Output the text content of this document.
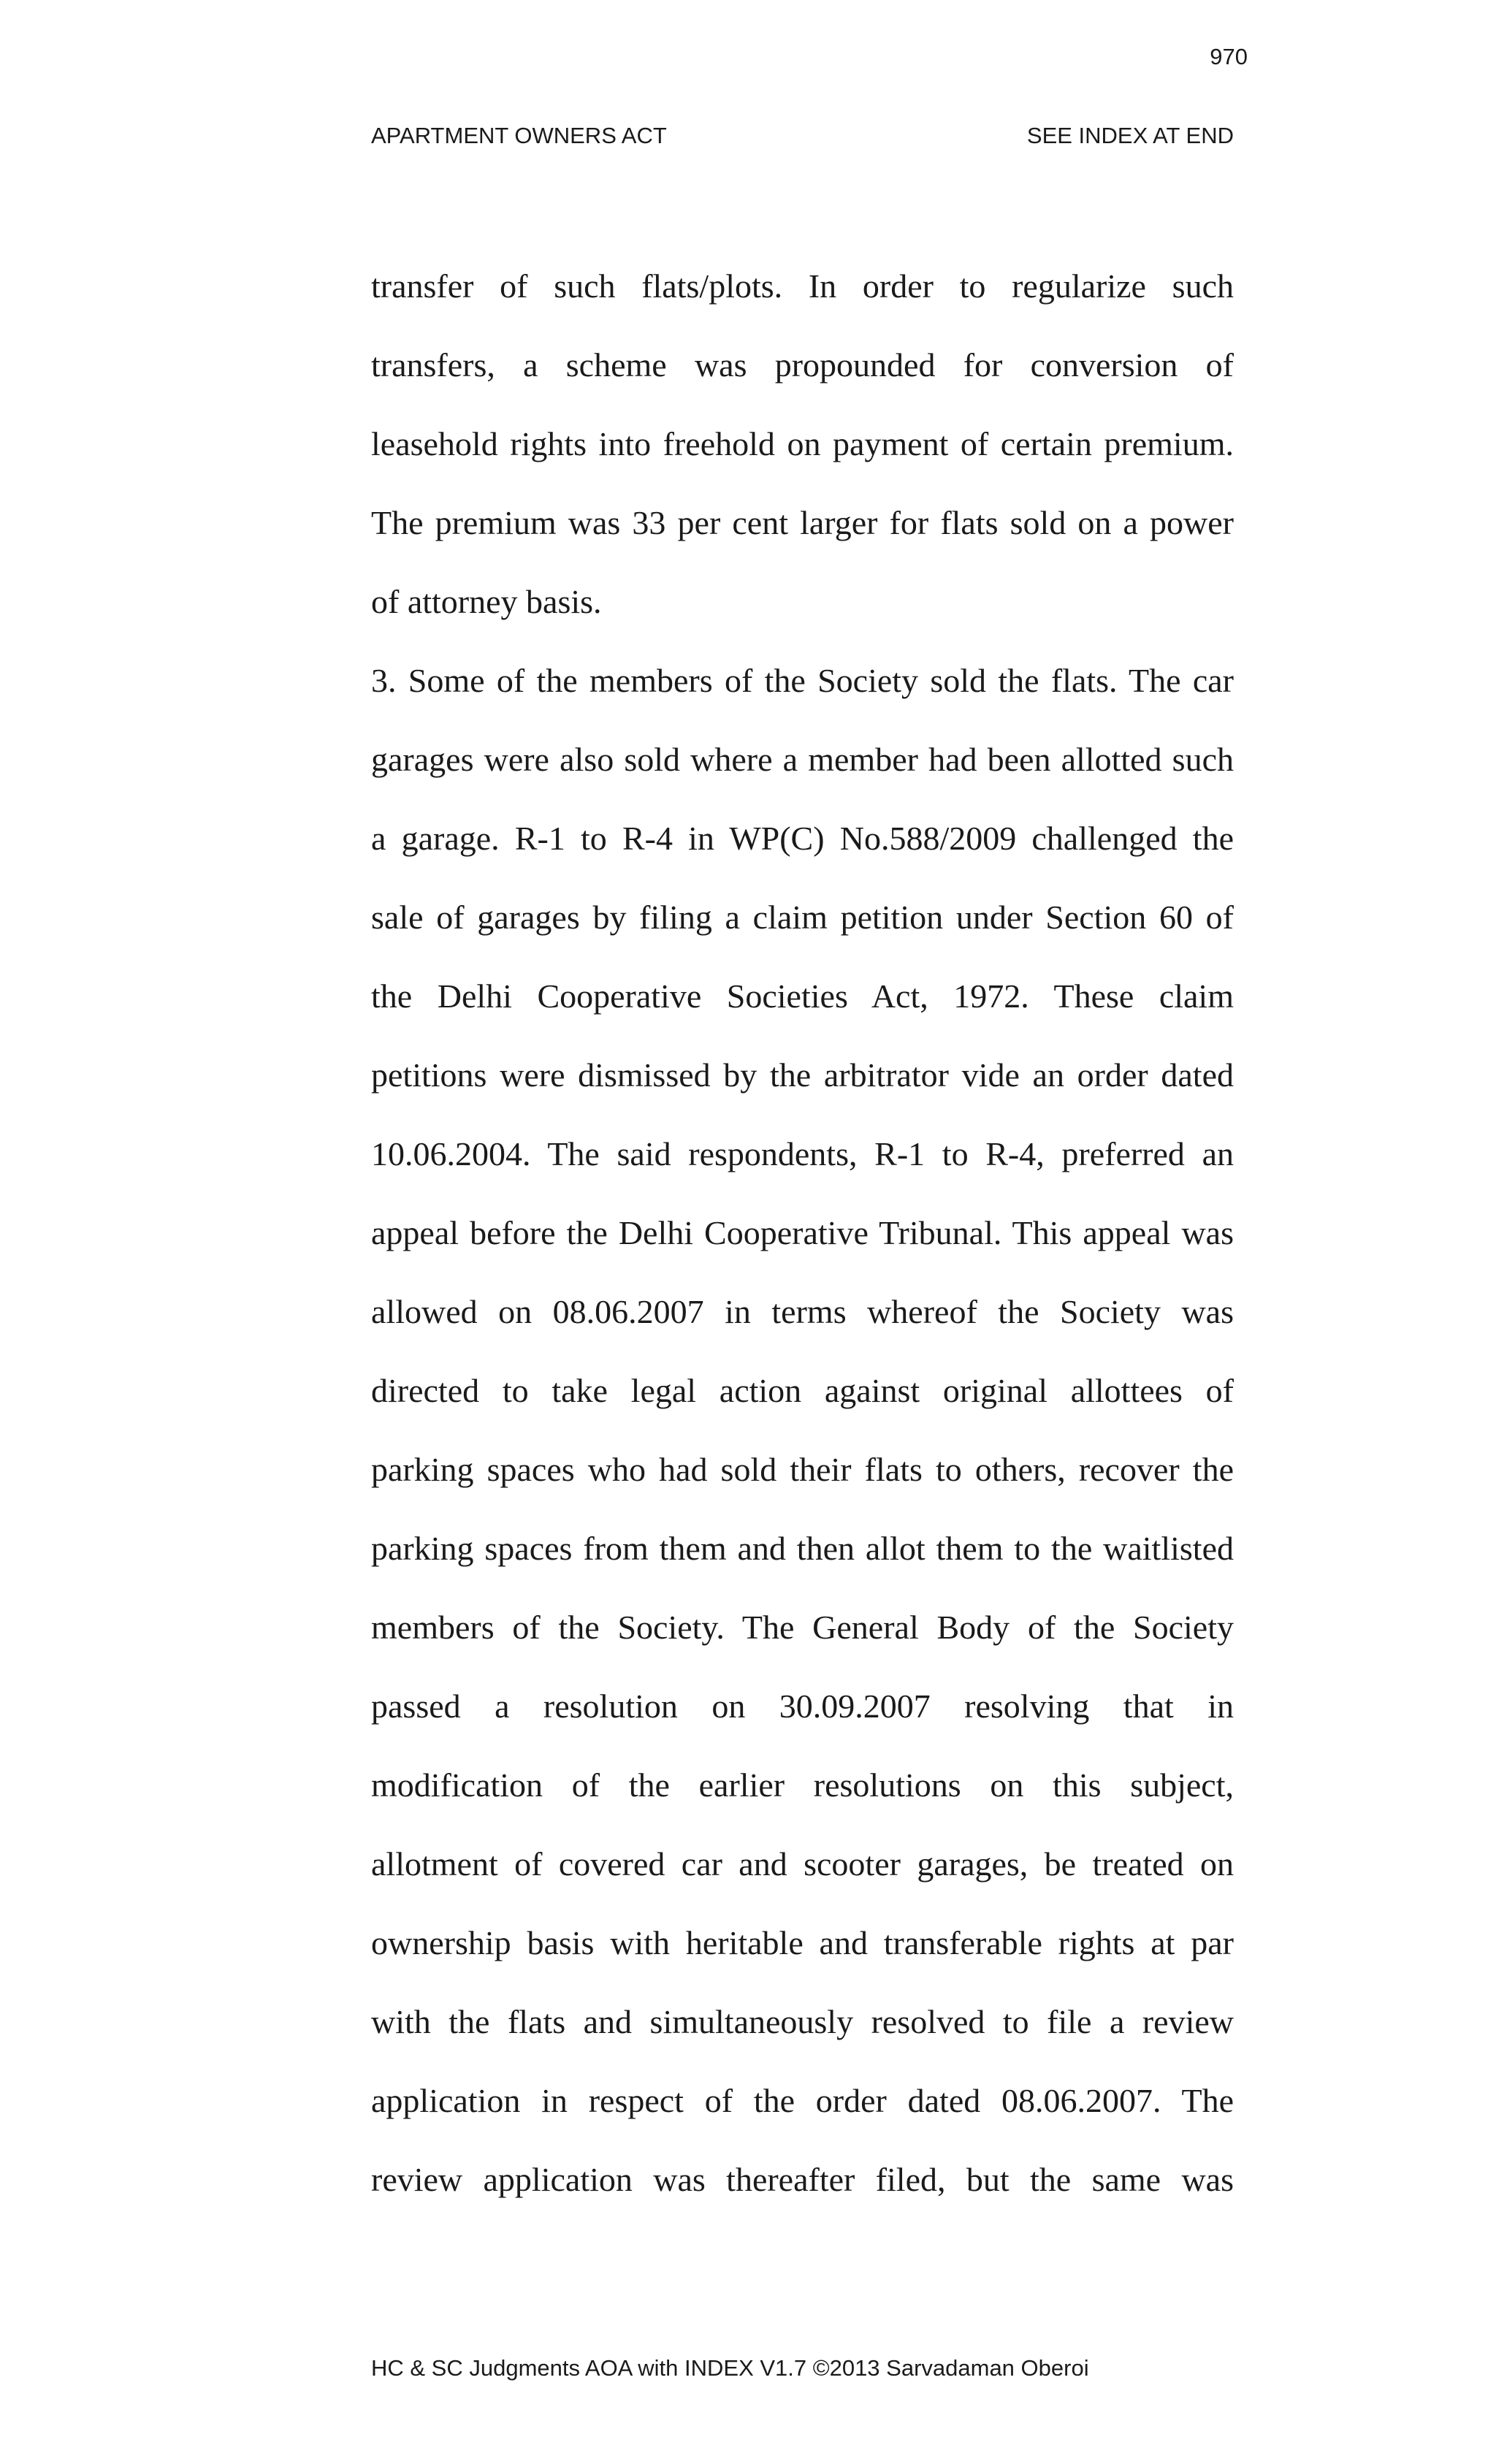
970
APARTMENT OWNERS ACT	SEE INDEX AT END
transfer of such flats/plots. In order to regularize such
transfers, a scheme was propounded for conversion of
leasehold rights into freehold on payment of certain premium.
The premium was 33 per cent larger for flats sold on a power
of attorney basis.
3. Some of the members of the Society sold the flats. The car
garages were also sold where a member had been allotted such
a garage. R-1 to R-4 in WP(C) No.588/2009 challenged the
sale of garages by filing a claim petition under Section 60 of
the Delhi Cooperative Societies Act, 1972. These claim
petitions were dismissed by the arbitrator vide an order dated
10.06.2004. The said respondents, R-1 to R-4, preferred an
appeal before the Delhi Cooperative Tribunal. This appeal was
allowed on 08.06.2007 in terms whereof the Society was
directed to take legal action against original allottees of
parking spaces who had sold their flats to others, recover the
parking spaces from them and then allot them to the waitlisted
members of the Society. The General Body of the Society
passed a resolution on 30.09.2007 resolving that in
modification of the earlier resolutions on this subject,
allotment of covered car and scooter garages, be treated on
ownership basis with heritable and transferable rights at par
with the flats and simultaneously resolved to file a review
application in respect of the order dated 08.06.2007. The
review application was thereafter filed, but the same was
HC & SC Judgments AOA with INDEX V1.7 ©2013 Sarvadaman Oberoi
